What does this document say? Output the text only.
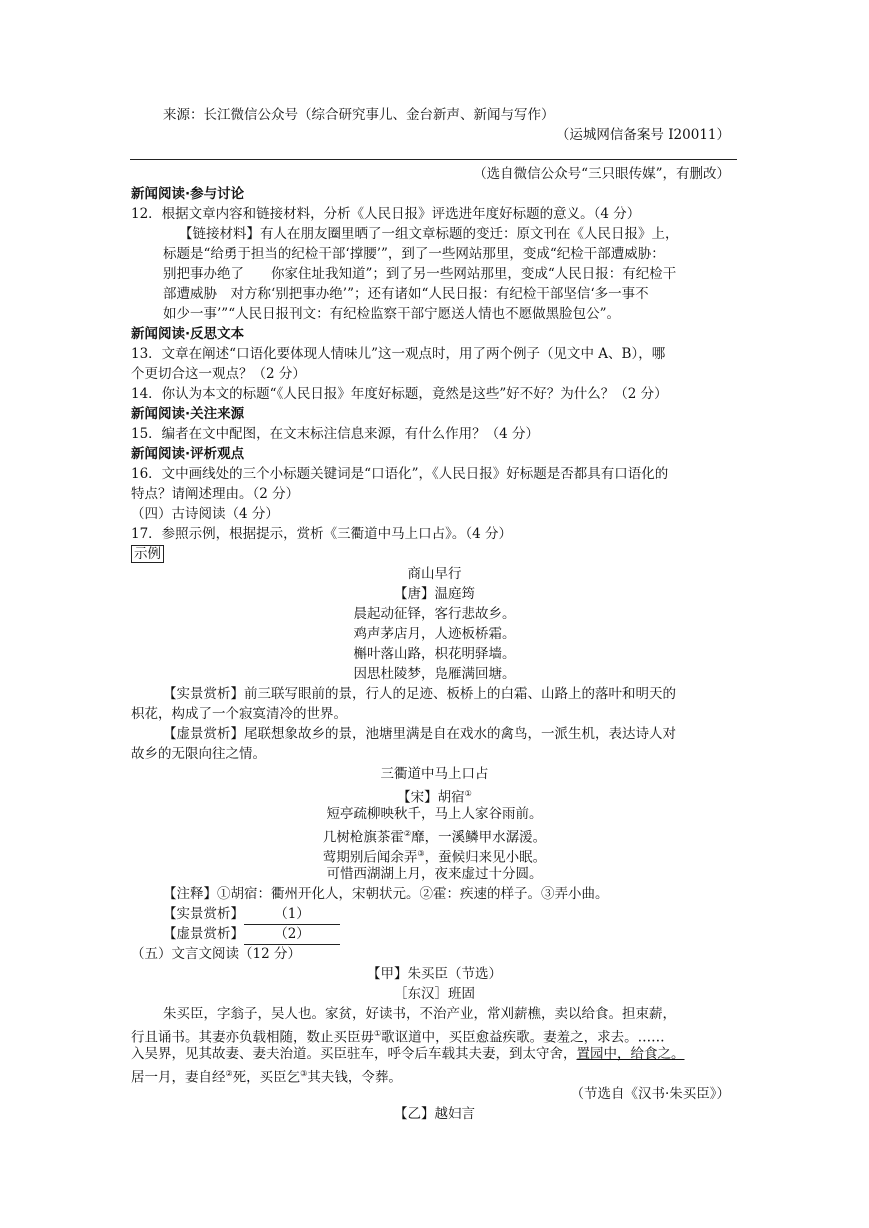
来源：长江微信公众号（综合研究事儿、金台新声、新闻与写作）
（运城网信备案号 I20011）
（选自微信公众号“三只眼传媒”，有删改）
新闻阅读·参与讨论
12．根据文章内容和链接材料，分析《人民日报》评选进年度好标题的意义。（4 分）
【链接材料】有人在朋友圈里晒了一组文章标题的变迁：原文刊在《人民日报》上，
标题是“给勇于担当的纪检干部‘撑腰’”，到了一些网站那里，变成“纪检干部遭威胁：
别把事办绝了　　你家住址我知道”；到了另一些网站那里，变成“人民日报：有纪检干
部遭威胁　对方称‘别把事办绝’”；还有诸如“人民日报：有纪检干部坚信‘多一事不
如少一事’”“人民日报刊文：有纪检监察干部宁愿送人情也不愿做黑脸包公”。
新闻阅读·反思文本
13．文章在阐述“口语化要体现人情味儿”这一观点时，用了两个例子（见文中 A、B），哪
个更切合这一观点？（2 分）
14．你认为本文的标题“《人民日报》年度好标题，竟然是这些”好不好？为什么？（2 分）
新闻阅读·关注来源
15．编者在文中配图，在文末标注信息来源，有什么作用？（4 分）
新闻阅读·评析观点
16．文中画线处的三个小标题关键词是“口语化”，《人民日报》好标题是否都具有口语化的
特点？请阐述理由。（2 分）
（四）古诗阅读（4 分）
17．参照示例，根据提示，赏析《三衢道中马上口占》。（4 分）
示例
商山早行
【唐】温庭筠
晨起动征铎，客行悲故乡。
鸡声茅店月，人迹板桥霜。
槲叶落山路，枳花明驿墙。
因思杜陵梦，凫雁满回塘。
【实景赏析】前三联写眼前的景，行人的足迹、板桥上的白霜、山路上的落叶和明天的
枳花，构成了一个寂寞清冷的世界。
【虚景赏析】尾联想象故乡的景，池塘里满是自在戏水的禽鸟，一派生机，表达诗人对
故乡的无限向往之情。
三衢道中马上口占
【宋】胡宿①
短亭疏柳映秋千，马上人家谷雨前。
几树枪旗茶霍②靡，一溪鳞甲水潺湲。
莺期别后闻余弄③，蚕候归来见小眠。
可惜西湖湖上月，夜来虚过十分圆。
【注释】①胡宿：衢州开化人，宋朝状元。②霍：疾速的样子。③弄小曲。
【实景赏析】 （1）
【虚景赏析】 （2）
（五）文言文阅读（12 分）
【甲】朱买臣（节选）
［东汉］班固
朱买臣，字翁子，吴人也。家贫，好读书，不治产业，常刈薪樵，卖以给食。担束薪，
行且诵书。其妻亦负载相随，数止买臣毋①歌讴道中，买臣愈益疾歌。妻羞之，求去。……
入吴界，见其故妻、妻夫治道。买臣驻车，呼令后车载其夫妻，到太守舍，置园中，给食之。
居一月，妻自经②死，买臣乞③其夫钱，令葬。
（节选自《汉书·朱买臣》）
【乙】越妇言
